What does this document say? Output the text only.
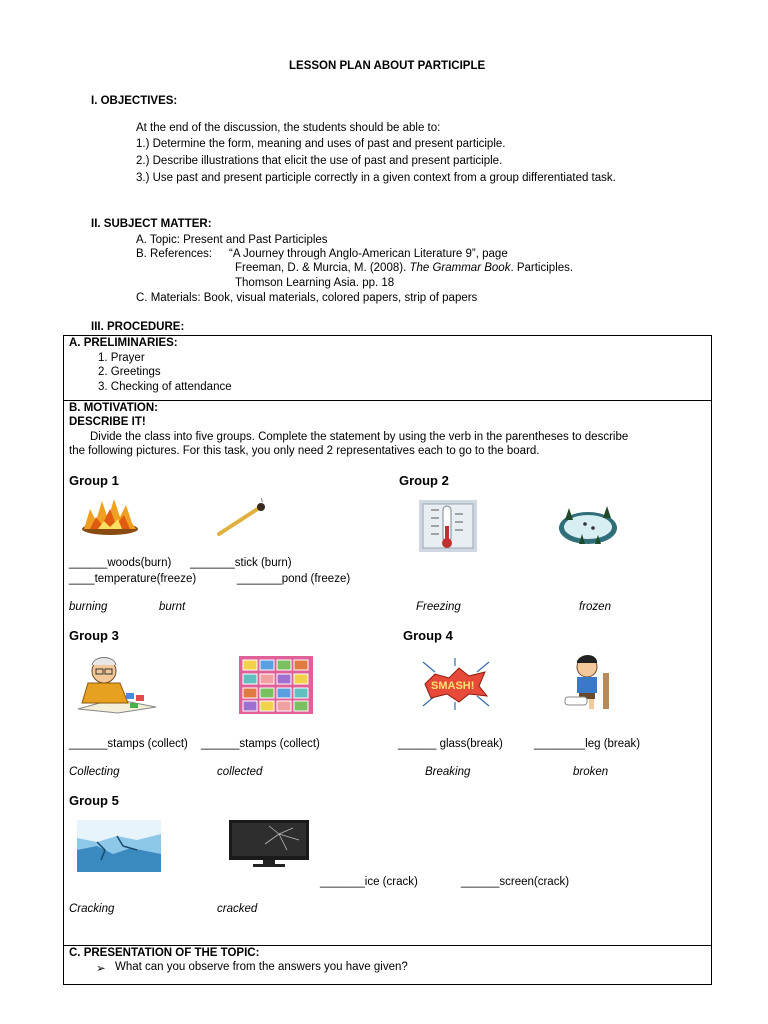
LESSON PLAN ABOUT PARTICIPLE
I. OBJECTIVES:
At the end of the discussion, the students should be able to:
1.) Determine the form, meaning and uses of past and present participle.
2.) Describe illustrations that elicit the use of past and present participle.
3.) Use past and present participle correctly in a given context from a group differentiated task.
II. SUBJECT MATTER:
A. Topic: Present and Past Participles
B. References: “A Journey through Anglo-American Literature 9”, page
Freeman, D. & Murcia, M. (2008). The Grammar Book. Participles.
Thomson Learning Asia. pp. 18
C. Materials: Book, visual materials, colored papers, strip of papers
III. PROCEDURE:
A. PRELIMINARIES:
1. Prayer
2. Greetings
3. Checking of attendance
B. MOTIVATION:
DESCRIBE IT!
Divide the class into five groups. Complete the statement by using the verb in the parentheses to describe
the following pictures. For this task, you only need 2 representatives each to go to the board.
Group 1
______woods(burn) _______stick (burn)
burning	burnt
Group 2
____temperature(freeze)	_______pond (freeze)
Freezing	frozen
Group 3
______stamps (collect) ______stamps (collect)
Collecting	collected
Group 4
SMASH!
______ glass(break)	________leg (break)
Breaking	broken
Group 5
_______ice (crack)	______screen(crack)
Cracking	cracked
C. PRESENTATION OF THE TOPIC:
➢ What can you observe from the answers you have given?
